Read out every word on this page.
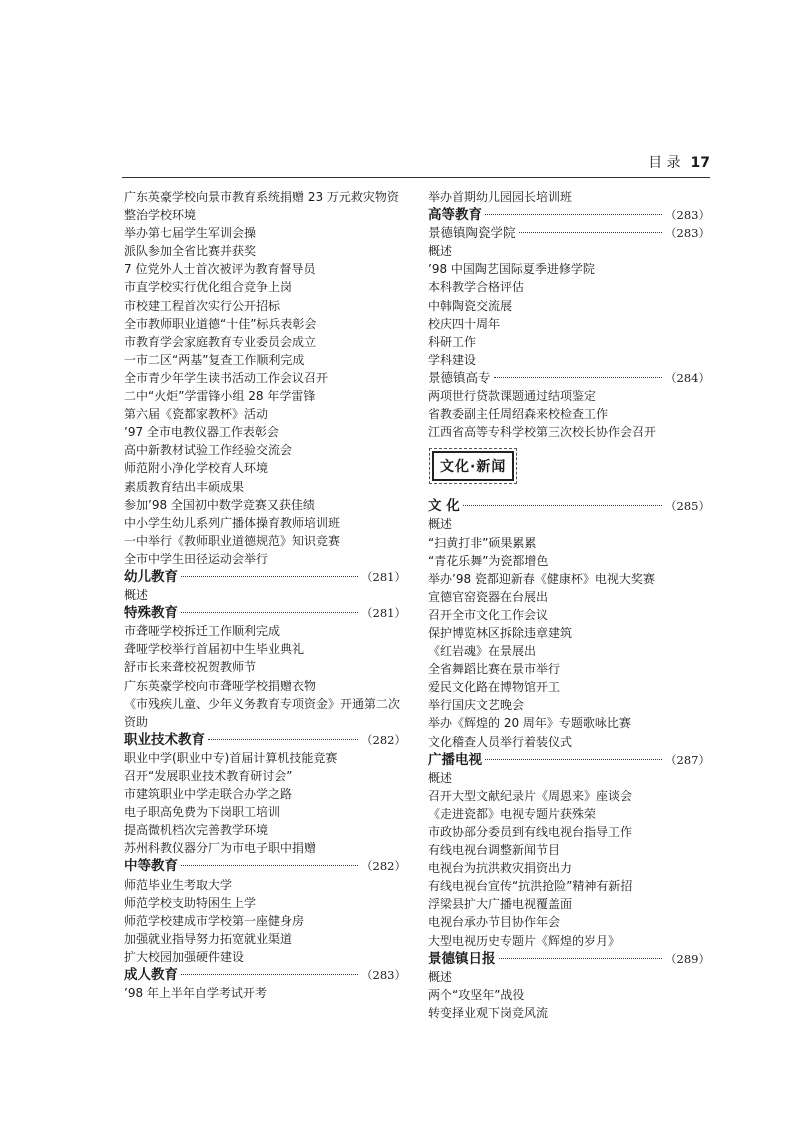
目 录 17
广东英豪学校向景市教育系统捐赠 23 万元救灾物资整治学校环境
举办第七届学生军训会操
派队参加全省比赛并获奖
7 位党外人士首次被评为教育督导员
市直学校实行优化组合竞争上岗
市校建工程首次实行公开招标
全市教师职业道德“十佳”标兵表彰会
市教育学会家庭教育专业委员会成立
一市二区“两基”复查工作顺利完成
全市青少年学生读书活动工作会议召开
二中“火炬”学雷锋小组 28 年学雷锋
第六届《瓷都家教杯》活动
’97 全市电教仪器工作表彰会
高中新教材试验工作经验交流会
师范附小净化学校育人环境
素质教育结出丰硕成果
参加’98 全国初中数学竞赛又获佳绩
中小学生幼儿系列广播体操育教师培训班
一中举行《教师职业道德规范》知识竞赛
全市中学生田径运动会举行
幼儿教育	（281）
概述
特殊教育	（281）
市聋哑学校拆迁工作顺利完成
聋哑学校举行首届初中生毕业典礼
舒市长来聋校祝贺教师节
广东英豪学校向市聋哑学校捐赠衣物
《市残疾儿童、少年义务教育专项资金》开通第二次资助
职业技术教育	（282）
职业中学(职业中专)首届计算机技能竞赛
召开“发展职业技术教育研讨会”
市建筑职业中学走联合办学之路
电子职高免费为下岗职工培训
提高微机档次完善教学环境
苏州科教仪器分厂为市电子职中捐赠
中等教育	（282）
师范毕业生考取大学
师范学校支助特困生上学
师范学校建成市学校第一座健身房
加强就业指导努力拓宽就业渠道
扩大校园加强硬件建设
成人教育	（283）
’98 年上半年自学考试开考
举办首期幼儿园园长培训班
高等教育	（283）
景德镇陶瓷学院	（283）
概述
’98 中国陶艺国际夏季进修学院
本科教学合格评估
中韩陶瓷交流展
校庆四十周年
科研工作
学科建设
景德镇高专	（284）
两项世行贷款课题通过结项鉴定
省教委副主任周绍森来校检查工作
江西省高等专科学校第三次校长协作会召开
文化·新闻
文 化	（285）
概述
“扫黄打非”硕果累累
“青花乐舞”为瓷都增色
举办’98 瓷都迎新春《健康杯》电视大奖赛
宣德官窑瓷器在台展出
召开全市文化工作会议
保护博览林区拆除违章建筑
《红岩魂》在景展出
全省舞蹈比赛在景市举行
爱民文化路在博物馆开工
举行国庆文艺晚会
举办《辉煌的 20 周年》专题歌咏比赛
文化稽查人员举行着装仪式
广播电视	（287）
概述
召开大型文献纪录片《周恩来》座谈会
《走进瓷都》电视专题片获殊荣
市政协部分委员到有线电视台指导工作
有线电视台调整新闻节目
电视台为抗洪救灾捐资出力
有线电视台宣传“抗洪抢险”精神有新招
浮梁县扩大广播电视覆盖面
电视台承办节目协作年会
大型电视历史专题片《辉煌的岁月》
景德镇日报	（289）
概述
两个“攻坚年”战役
转变择业观下岗竞风流
